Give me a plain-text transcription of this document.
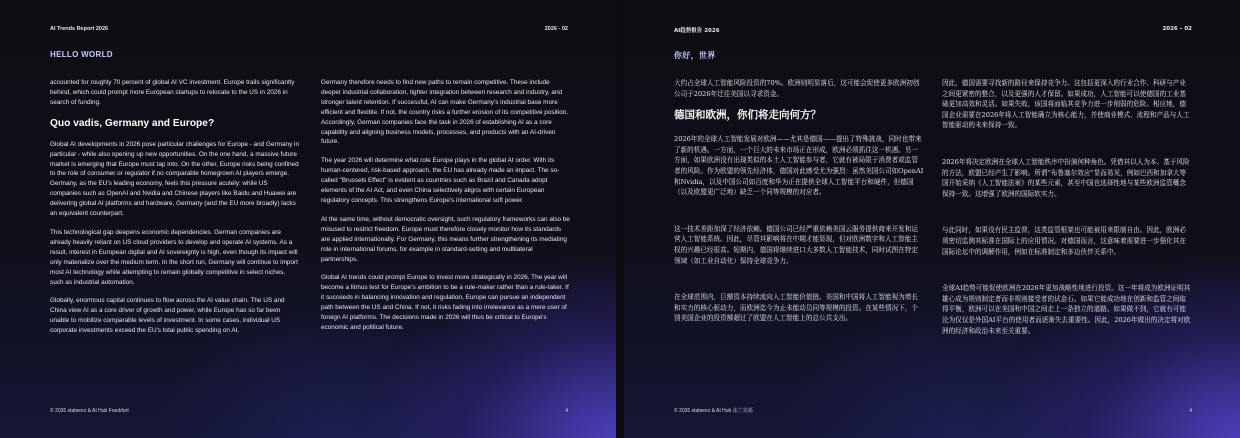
AI Trends Report 2026	2026 - 02
HELLO WORLD

accounted for roughly 70 percent of global AI VC investment. Europe trails significantly behind, which could prompt more European startups to relocate to the US in 2026 in search of funding.

Quo vadis, Germany and Europe?

Global AI developments in 2026 pose particular challenges for Europe - and Germany in particular - while also opening up new opportunities. On the one hand, a massive future market is emerging that Europe must tap into. On the other, Europe risks being confined to the role of consumer or regulator if no comparable homegrown AI players emerge. Germany, as the EU's leading economy, feels this pressure acutely: while US companies such as OpenAI and Nvidia and Chinese players like Baidu and Huawei are delivering global AI platforms and hardware, Germany (and the EU more broadly) lacks an equivalent counterpart.

This technological gap deepens economic dependencies. German companies are already heavily reliant on US cloud providers to develop and operate AI systems. As a result, interest in European digital and AI sovereignty is high, even though its impact will only materialize over the medium term. In the short run, Germany will continue to import most AI technology while attempting to remain globally competitive in select niches, such as industrial automation.

Globally, enormous capital continues to flow across the AI value chain. The US and China view AI as a core driver of growth and power, while Europe has so far been unable to mobilize comparable levels of investment. In some cases, individual US corporate investments exceed the EU's total public spending on AI.

Germany therefore needs to find new paths to remain competitive. These include deeper industrial collaboration, tighter integration between research and industry, and stronger talent retention. If successful, AI can make Germany's industrial base more efficient and flexible. If not, the country risks a further erosion of its competitive position. Accordingly, German companies face the task in 2026 of establishing AI as a core capability and aligning business models, processes, and products with an AI-driven future.

The year 2026 will determine what role Europe plays in the global AI order. With its human-centered, risk-based approach, the EU has already made an impact. The so-called "Brussels Effect" is evident as countries such as Brazil and Canada adopt elements of the AI Act, and even China selectively aligns with certain European regulatory concepts. This strengthens Europe's international soft power.

At the same time, without democratic oversight, such regulatory frameworks can also be misused to restrict freedom. Europe must therefore closely monitor how its standards are applied internationally. For Germany, this means further strengthening its mediating role in international forums, for example in standard-setting and multilateral partnerships.

Global AI trends could prompt Europe to invest more strategically in 2026. The year will become a litmus test for Europe's ambition to be a rule-maker rather than a rule-taker. If it succeeds in balancing innovation and regulation, Europe can pursue an independent path between the US and China. If not, it risks fading into irrelevance as a mere user of foreign AI platforms. The decisions made in 2026 will thus be critical to Europe's economic and political future.

© 2026 statworx & AI Hub Frankfurt	4
AI趋势报告 2026	2026 – 02
你好，世界

大约占全球人工智能风险投资的70%。欧洲则明显落后，这可能会促使更多欧洲初创公司于2026年迁往美国以寻求资金。

德国和欧洲，你们将走向何方？

2026年的全球人工智能发展对欧洲——尤其是德国——提出了特殊挑战，同时也带来了新的机遇。一方面，一个巨大的未来市场正在形成，欧洲必须抓住这一机遇。另一方面，如果欧洲没有出现类似的本土人工智能参与者，它就有被局限于消费者或监管者的风险。作为欧盟的领先经济体，德国对此感受尤为强烈：虽然美国公司如OpenAI和Nvidia，以及中国公司如百度和华为正在提供全球人工智能平台和硬件，但德国（以及欧盟更广泛地）缺乏一个同等规模的对应者。

这一技术差距加深了经济依赖。德国公司已经严重依赖美国云服务提供商来开发和运营人工智能系统。因此，尽管其影响将在中期才能显现，但对欧洲数字和人工智能主权的兴趣已经很高。短期内，德国将继续进口大多数人工智能技术，同时试图在特定领域（如工业自动化）保持全球竞争力。

在全球范围内，巨额资本持续流向人工智能价值链。美国和中国将人工智能视为增长和实力的核心驱动力，而欧洲迄今为止未能动员同等规模的投资。在某些情况下，个别美国企业的投资额超过了欧盟在人工智能上的总公共支出。

因此，德国需要寻找新的路径来保持竞争力。这包括更深入的行业合作、科研与产业之间更紧密的整合，以及更强的人才保留。如果成功，人工智能可以使德国的工业基础更加高效和灵活。如果失败，该国将面临其竞争力进一步削弱的危险。相应地，德国企业需要在2026年将人工智能确立为核心能力，并使商业模式、流程和产品与人工智能驱动的未来保持一致。

2026年将决定欧洲在全球人工智能秩序中扮演何种角色。凭借其以人为本、基于风险的方法，欧盟已经产生了影响。所谓“布鲁塞尔效应”显而易见，例如巴西和加拿大等国开始采纳《人工智能法案》的某些元素，甚至中国也选择性地与某些欧洲监管概念保持一致。这增强了欧洲的国际软实力。

与此同时，如果没有民主监督，这类监管框架也可能被用来限制自由。因此，欧洲必须密切监测其标准在国际上的应用情况。对德国而言，这意味着需要进一步强化其在国际论坛中的调解作用，例如在标准制定和多边伙伴关系中。

全球AI趋势可能促使欧洲在2026年更加战略性地进行投资。这一年将成为欧洲证明其雄心成为规则制定者而非规则接受者的试金石。如果它能成功地在创新和监管之间取得平衡，欧洲可以在美国和中国之间走上一条独立的道路。如果做不到，它就有可能沦为仅仅是外国AI平台的使用者而逐渐失去重要性。因此，2026年做出的决定将对欧洲的经济和政治未来至关重要。

© 2026 statworx & AI Hub 法兰克福	4
